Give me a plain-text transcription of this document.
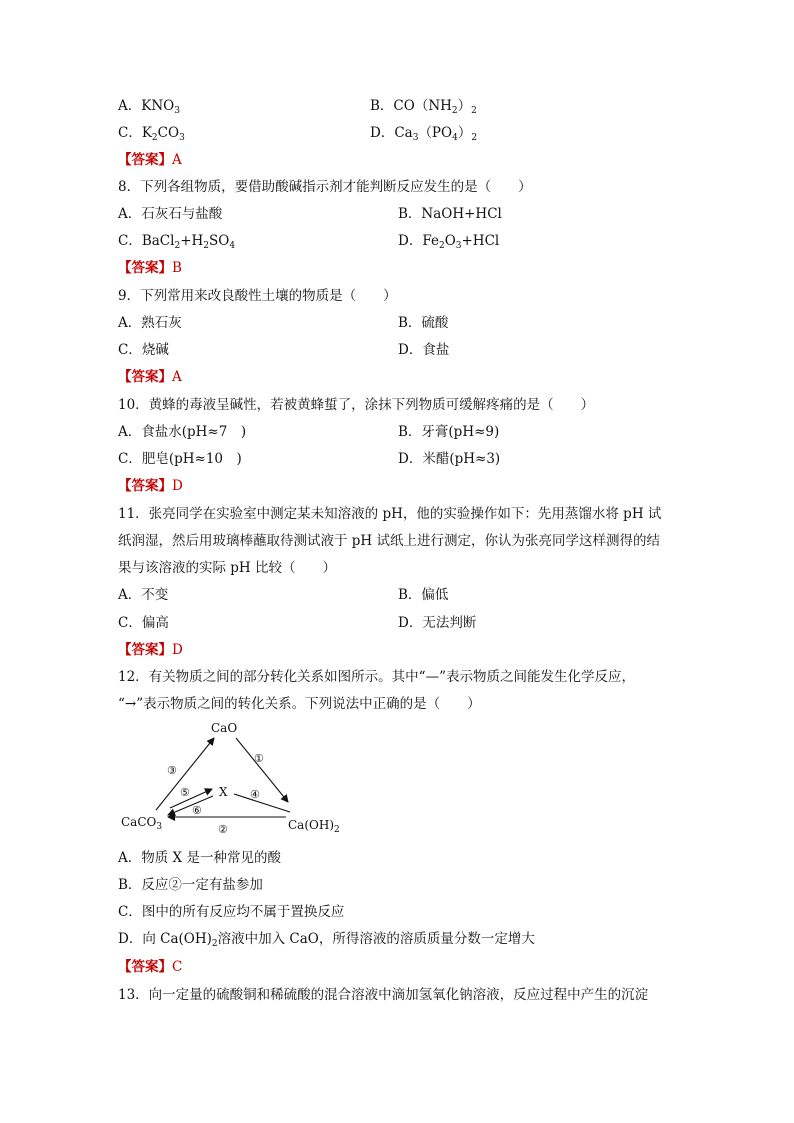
A．$KNO_3$	B．$CO(NH_2)_2$
C．$K_2CO_3$	D．$Ca_3(PO_4)_2$
【答案】A
8．下列各组物质，要借助酸碱指示剂才能判断反应发生的是（　　）
A．石灰石与盐酸	B．NaOH+HCl
C．$BaCl_2+H_2SO_4$	D．$Fe_2O_3+HCl$
【答案】B
9．下列常用来改良酸性土壤的物质是（　　）
A．熟石灰	B．硫酸
C．烧碱	D．食盐
【答案】A
10．黄蜂的毒液呈碱性，若被黄蜂蜇了，涂抹下列物质可缓解疼痛的是（　　）
A．食盐水(pH≈7　)	B．牙膏(pH≈9)
C．肥皂(pH≈10　)	D．米醋(pH≈3)
【答案】D
11．张亮同学在实验室中测定某未知溶液的 pH，他的实验操作如下：先用蒸馏水将 pH 试
纸润湿，然后用玻璃棒蘸取待测试液于 pH 试纸上进行测定，你认为张亮同学这样测得的结
果与该溶液的实际 pH 比较（　　）
A．不变	B．偏低
C．偏高	D．无法判断
【答案】D
12．有关物质之间的部分转化关系如图所示。其中“—”表示物质之间能发生化学反应，
“→”表示物质之间的转化关系。下列说法中正确的是（　　）
CaO
X
CaCO$_3$	$Ca(OH)_2$
①
②
③
④
⑤
⑥
A．物质 X 是一种常见的酸
B．反应②一定有盐参加
C．图中的所有反应均不属于置换反应
D．向 $Ca(OH)_2$溶液中加入 CaO，所得溶液的溶质质量分数一定增大
【答案】C
13．向一定量的硫酸铜和稀硫酸的混合溶液中滴加氢氧化钠溶液，反应过程中产生的沉淀
